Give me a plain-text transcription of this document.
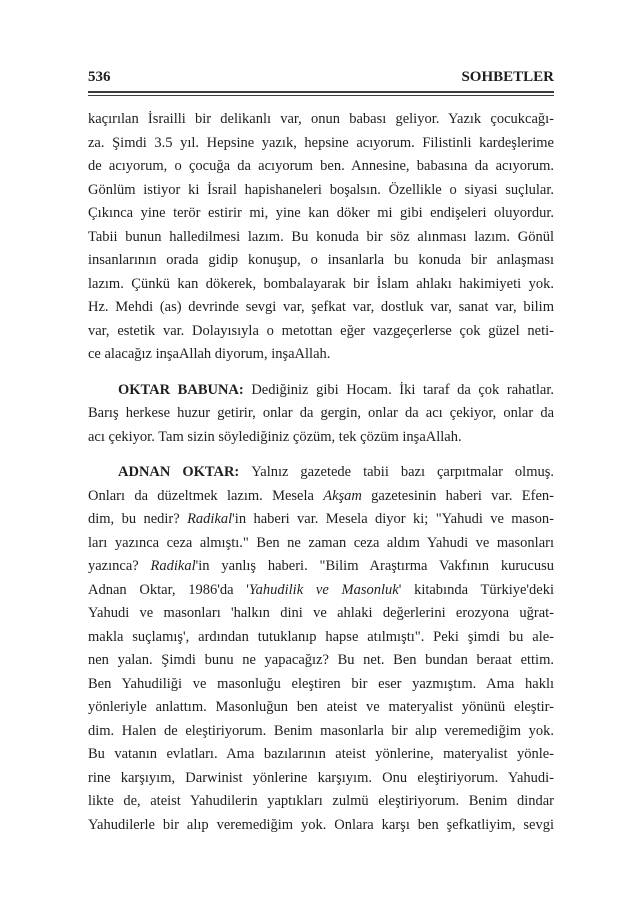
536	SOHBETLER
kaçırılan İsrailli bir delikanlı var, onun babası geliyor. Yazık çocukcağı-
za. Şimdi 3.5 yıl. Hepsine yazık, hepsine acıyorum. Filistinli kardeşlerime
de acıyorum, o çocuğa da acıyorum ben. Annesine, babasına da acıyorum.
Gönlüm istiyor ki İsrail hapishaneleri boşalsın. Özellikle o siyasi suçlular.
Çıkınca yine terör estirir mi, yine kan döker mi gibi endişeleri oluyordur.
Tabii bunun halledilmesi lazım. Bu konuda bir söz alınması lazım. Gönül
insanlarının orada gidip konuşup, o insanlarla bu konuda bir anlaşması
lazım. Çünkü kan dökerek, bombalayarak bir İslam ahlakı hakimiyeti yok.
Hz. Mehdi (as) devrinde sevgi var, şefkat var, dostluk var, sanat var, bilim
var, estetik var. Dolayısıyla o metottan eğer vazgeçerlerse çok güzel neti-
ce alacağız inşaAllah diyorum, inşaAllah.
OKTAR BABUNA: Dediğiniz gibi Hocam. İki taraf da çok rahatlar.
Barış herkese huzur getirir, onlar da gergin, onlar da acı çekiyor, onlar da
acı çekiyor. Tam sizin söylediğiniz çözüm, tek çözüm inşaAllah.
ADNAN OKTAR: Yalnız gazetede tabii bazı çarpıtmalar olmuş.
Onları da düzeltmek lazım. Mesela Akşam gazetesinin haberi var. Efen-
dim, bu nedir? Radikal'in haberi var. Mesela diyor ki; "Yahudi ve mason-
ları yazınca ceza almıştı." Ben ne zaman ceza aldım Yahudi ve masonları
yazınca? Radikal'in yanlış haberi. "Bilim Araştırma Vakfının kurucusu
Adnan Oktar, 1986'da 'Yahudilik ve Masonluk' kitabında Türkiye'deki
Yahudi ve masonları 'halkın dini ve ahlaki değerlerini erozyona uğrat-
makla suçlamış', ardından tutuklanıp hapse atılmıştı". Peki şimdi bu ale-
nen yalan. Şimdi bunu ne yapacağız? Bu net. Ben bundan beraat ettim.
Ben Yahudiliği ve masonluğu eleştiren bir eser yazmıştım. Ama haklı
yönleriyle anlattım. Masonluğun ben ateist ve materyalist yönünü eleştir-
dim. Halen de eleştiriyorum. Benim masonlarla bir alıp veremediğim yok.
Bu vatanın evlatları. Ama bazılarının ateist yönlerine, materyalist yönle-
rine karşıyım, Darwinist yönlerine karşıyım. Onu eleştiriyorum. Yahudi-
likte de, ateist Yahudilerin yaptıkları zulmü eleştiriyorum. Benim dindar
Yahudilerle bir alıp veremediğim yok. Onlara karşı ben şefkatliyim, sevgi
